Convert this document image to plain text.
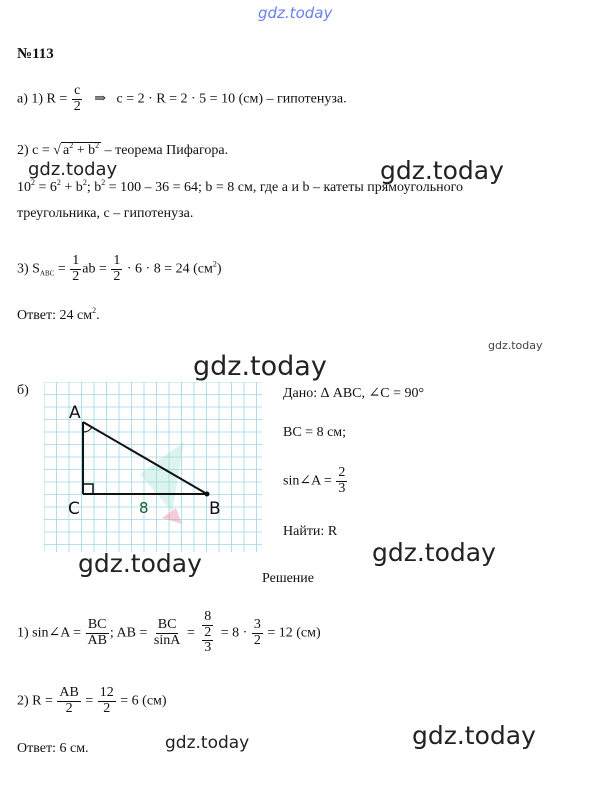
gdz.today
gdz.today	gdz.today
gdz.today
gdz.today
gdz.today
gdz.today
gdz.today	gdz.today
№113
а) 1) $R = \frac{c}{2}$ ⇒ c = 2 · R = 2 · 5 = 10 (см) – гипотенуза.
2) c = √ $a^2 + b^2$ – теорема Пифагора.
$10^2 = 6^2 + b^2$; $b^2 = 100 - 36 = 64$; b = 8 см, где a и b – катеты прямоугольного
треугольника, с – гипотенуза.
3) $S_{ABC} = \frac{1}{2}$ ab = $\frac{1}{2} \cdot 6 \cdot 8 = 24$ $(см^2)$
Ответ: 24 $см^2$.
б)
A
C	B
8
Дано: ∆ ABC, ∠C = 90°
BC = 8 см;
sin∠A = $\frac{2}{3}$
Найти: R
Решение
1) sin∠A = $\frac{BC}{AB}$ ; AB = $\frac{BC}{\sin A} = \frac{8}{\frac{2}{3}} = 8 \cdot \frac{3}{2} = 12$ (см)
2) $R = \frac{AB}{2} = \frac{12}{2} = 6$ (см)
Ответ: 6 см.
